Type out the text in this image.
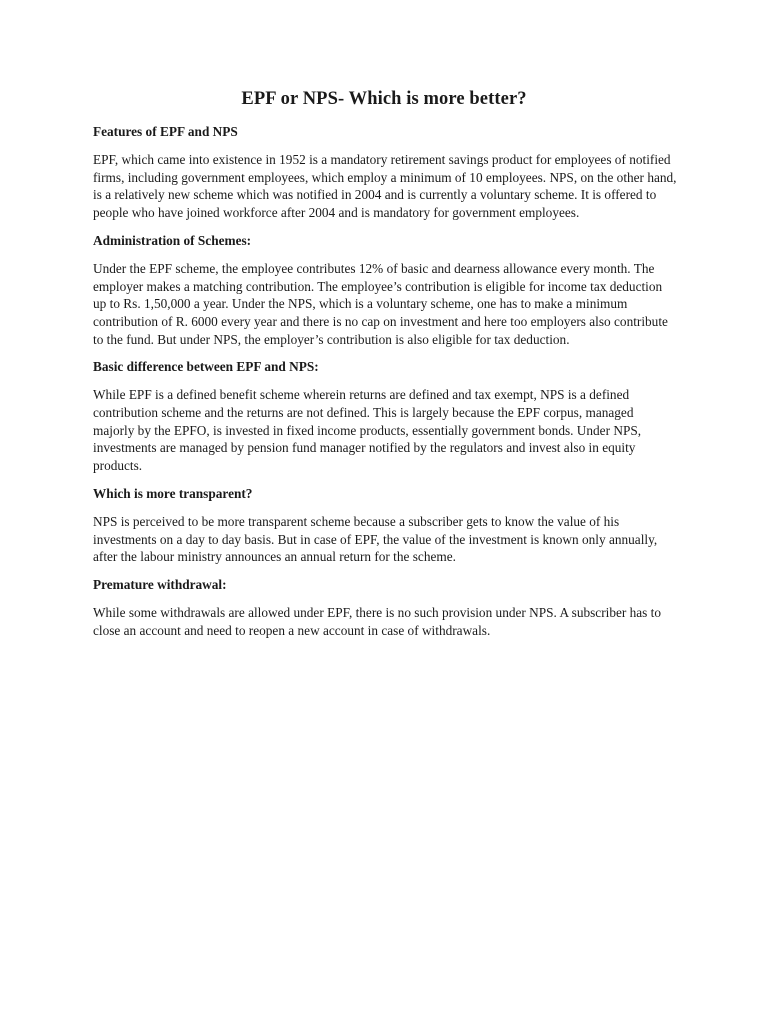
EPF or NPS- Which is more better?

Features of EPF and NPS

EPF, which came into existence in 1952 is a mandatory retirement savings product for employees of notified firms, including government employees, which employ a minimum of 10 employees. NPS, on the other hand, is a relatively new scheme which was notified in 2004 and is currently a voluntary scheme. It is offered to people who have joined workforce after 2004 and is mandatory for government employees.

Administration of Schemes:

Under the EPF scheme, the employee contributes 12% of basic and dearness allowance every month. The employer makes a matching contribution. The employee’s contribution is eligible for income tax deduction up to Rs. 1,50,000 a year. Under the NPS, which is a voluntary scheme, one has to make a minimum contribution of R. 6000 every year and there is no cap on investment and here too employers also contribute to the fund. But under NPS, the employer’s contribution is also eligible for tax deduction.

Basic difference between EPF and NPS:

While EPF is a defined benefit scheme wherein returns are defined and tax exempt, NPS is a defined contribution scheme and the returns are not defined. This is largely because the EPF corpus, managed majorly by the EPFO, is invested in fixed income products, essentially government bonds. Under NPS, investments are managed by pension fund manager notified by the regulators and invest also in equity products.

Which is more transparent?

NPS is perceived to be more transparent scheme because a subscriber gets to know the value of his investments on a day to day basis. But in case of EPF, the value of the investment is known only annually, after the labour ministry announces an annual return for the scheme.

Premature withdrawal:

While some withdrawals are allowed under EPF, there is no such provision under NPS. A subscriber has to close an account and need to reopen a new account in case of withdrawals.
